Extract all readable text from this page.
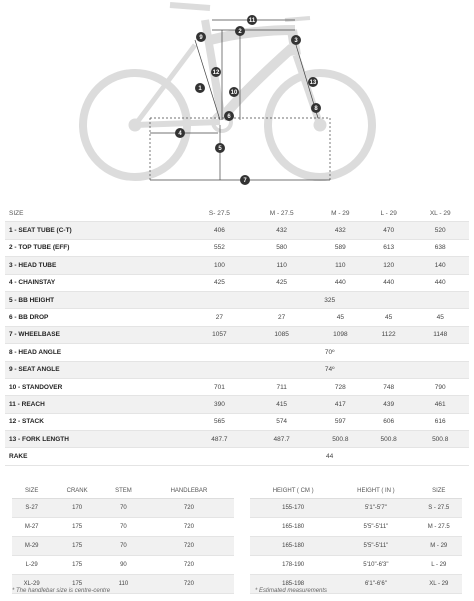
1
2
3
4
5
6
7
8
9
10
11
12
13
SIZE	S- 27.5	M - 27.5	M - 29	L - 29	XL - 29
1 - SEAT TUBE (C-T)	406	432	432	470	520
2 - TOP TUBE (EFF)	552	580	589	613	638
3 - HEAD TUBE	100	110	110	120	140
4 - CHAINSTAY	425	425	440	440	440
5 - BB HEIGHT	325				
6 - BB DROP	27	27	45	45	45
7 - WHEELBASE	1057	1085	1098	1122	1148
8 - HEAD ANGLE	70º				
9 - SEAT ANGLE	74º				
10 - STANDOVER	701	711	728	748	790
11 - REACH	390	415	417	439	461
12 - STACK	565	574	597	606	616
13 - FORK LENGTH	487.7	487.7	500.8	500.8	500.8
RAKE	44				
SIZE	CRANK	STEM	HANDLEBAR
S-27	170	70	720
M-27	175	70	720
M-29	175	70	720
L-29	175	90	720
XL-29	175	110	720
HEIGHT ( CM )	HEIGHT ( IN )	SIZE
155-170	5'1"-5'7"	S - 27.5
165-180	5'5"-5'11"	M - 27.5
165-180	5'5"-5'11"	M - 29
178-190	5'10"-6'3"	L - 29
185-198	6'1"-6'6"	XL - 29
* The handlebar size is centre-centre	* Estimated measurements
